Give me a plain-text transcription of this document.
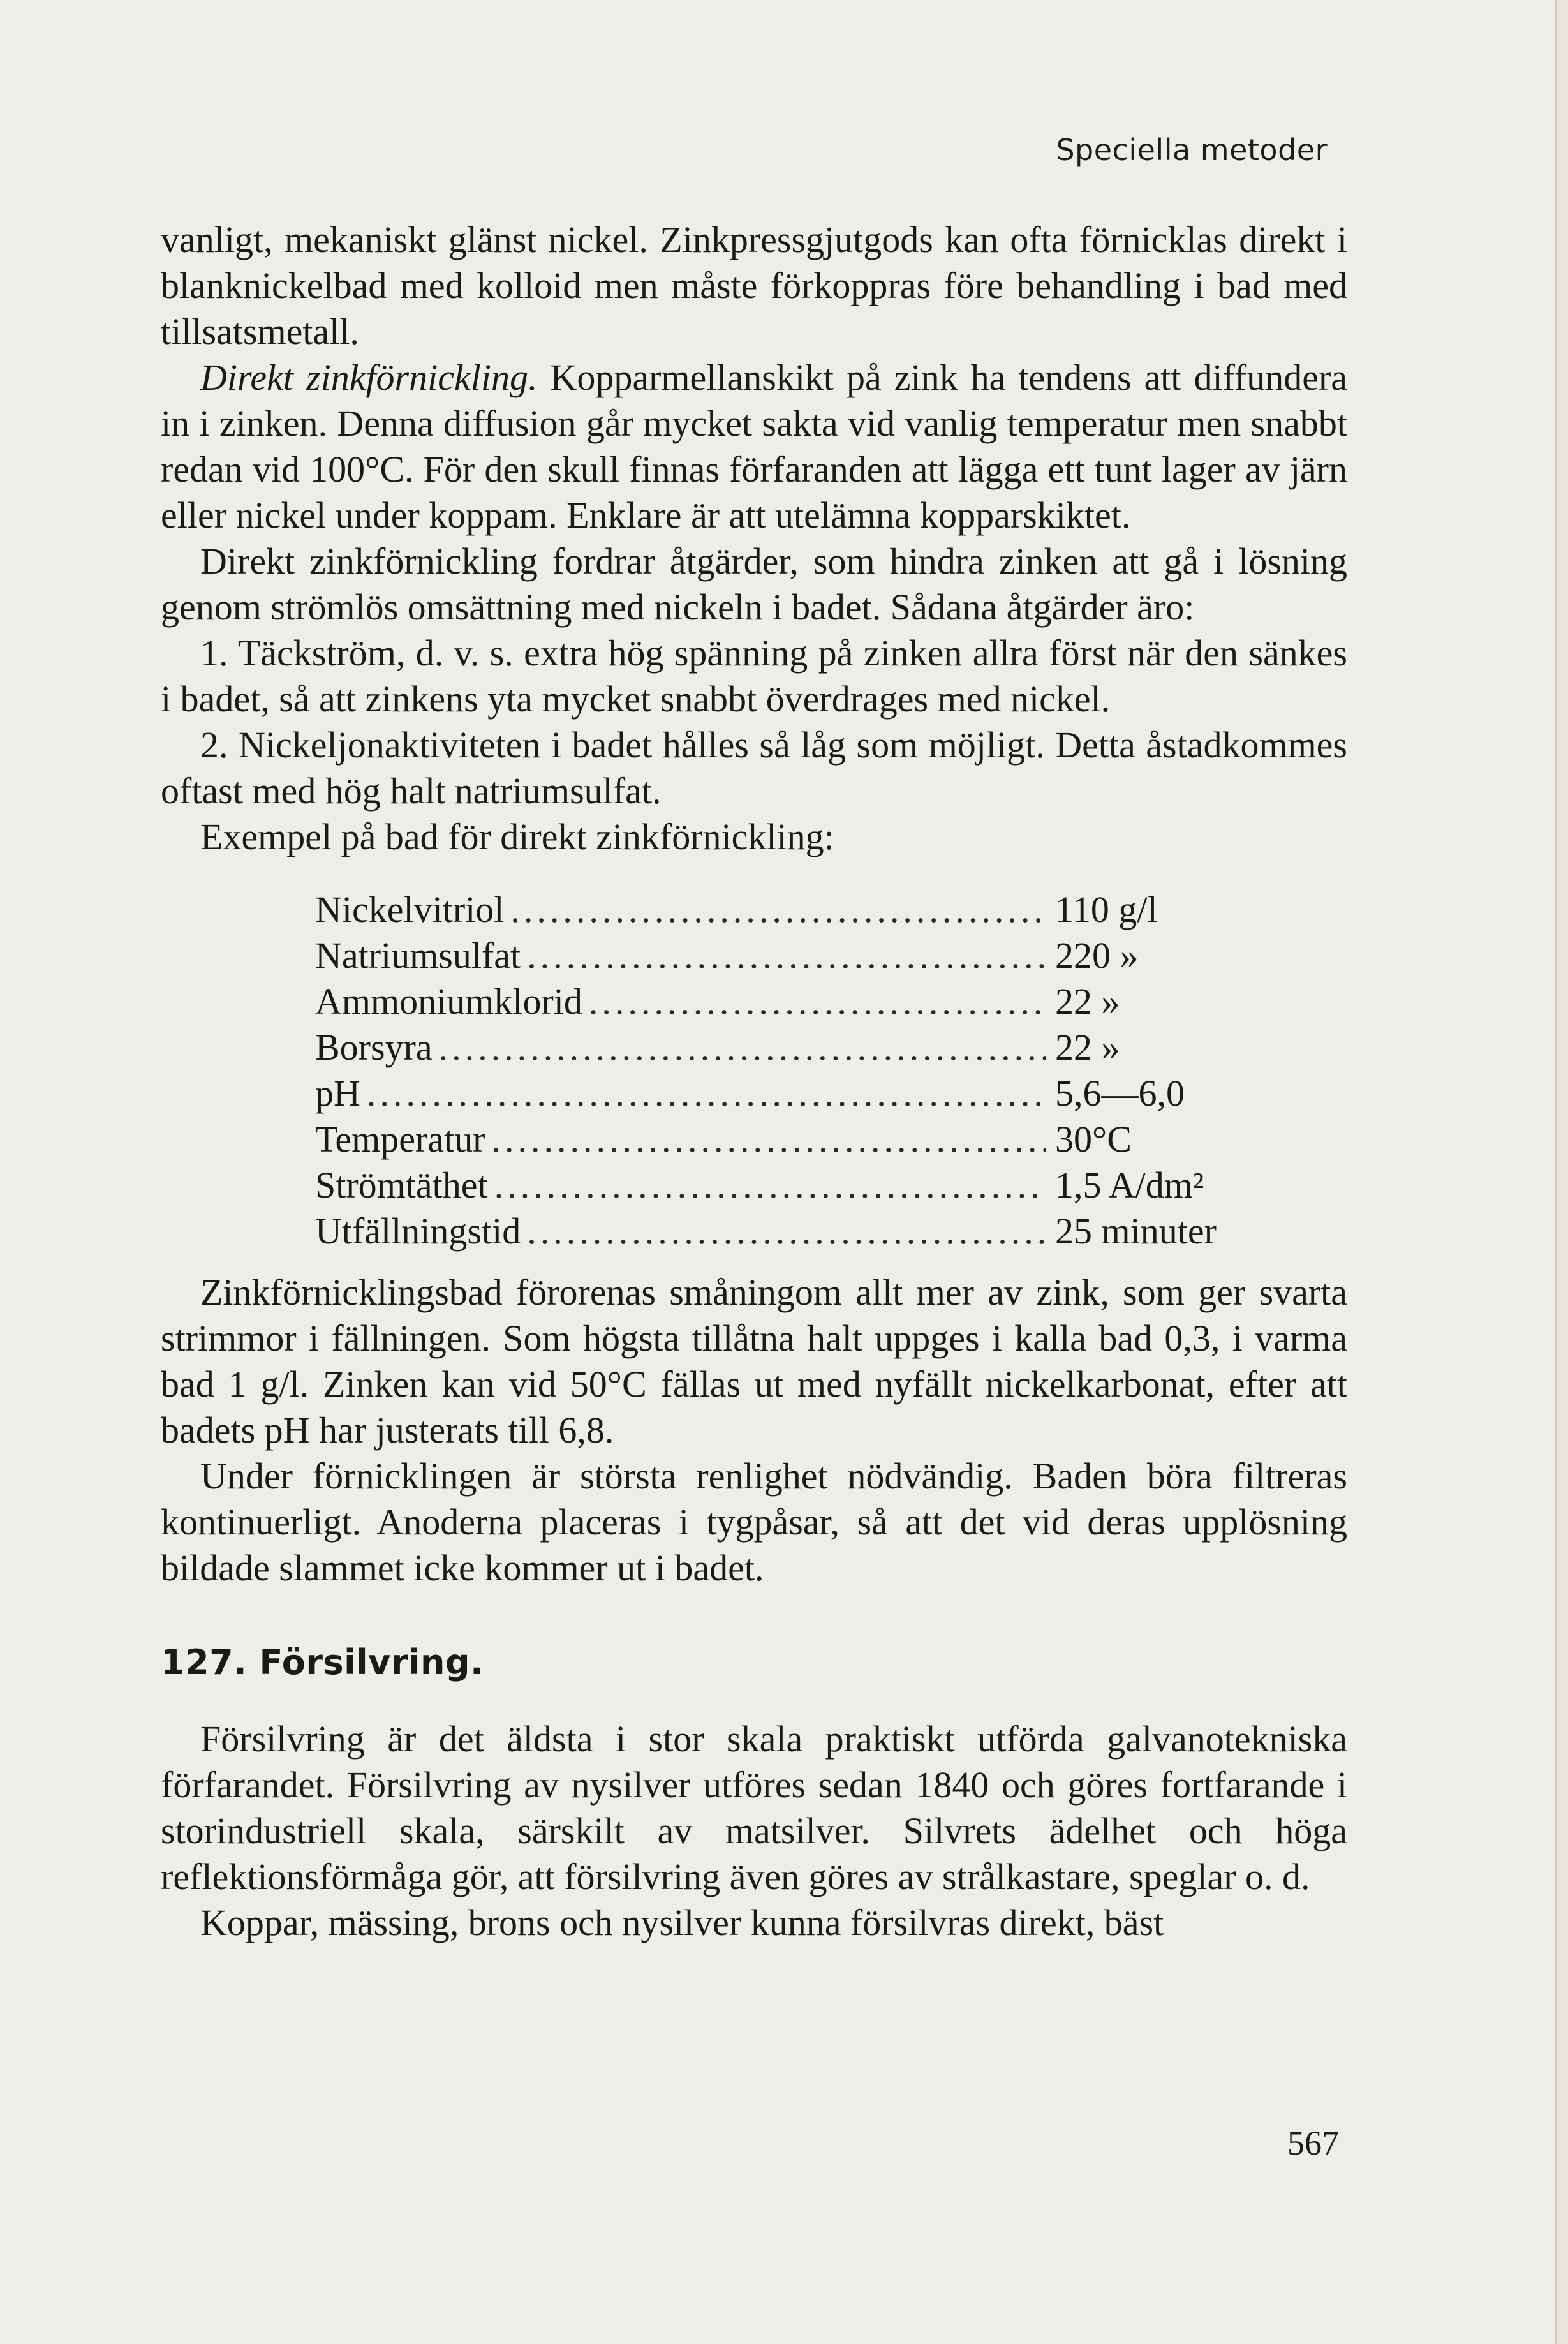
Speciella metoder

vanligt, mekaniskt glänst nickel. Zinkpressgjutgods kan ofta förnicklas direkt i blanknickelbad med kolloid men måste förkoppras före behandling i bad med tillsatsmetall.

Direkt zinkförnickling. Kopparmellanskikt på zink ha tendens att diffundera in i zinken. Denna diffusion går mycket sakta vid vanlig temperatur men snabbt redan vid 100°C. För den skull finnas förfaranden att lägga ett tunt lager av järn eller nickel under koppam. Enklare är att utelämna kopparskiktet.

Direkt zinkförnickling fordrar åtgärder, som hindra zinken att gå i lösning genom strömlös omsättning med nickeln i badet. Sådana åtgärder äro:

1. Täckström, d. v. s. extra hög spänning på zinken allra först när den sänkes i badet, så att zinkens yta mycket snabbt överdrages med nickel.

2. Nickeljonaktiviteten i badet hålles så låg som möjligt. Detta åstadkommes oftast med hög halt natriumsulfat.

Exempel på bad för direkt zinkförnickling:

Nickelvitriol .....	110 g/l
Natriumsulfat .....	220 »
Ammoniumklorid .....	22 »
Borsyra .....	22 »
pH .....	5,6—6,0
Temperatur .....	30°C
Strömtäthet .....	1,5 A/dm²
Utfällningstid .....	25 minuter

Zinkförnicklingsbad förorenas småningom allt mer av zink, som ger svarta strimmor i fällningen. Som högsta tillåtna halt uppges i kalla bad 0,3, i varma bad 1 g/l. Zinken kan vid 50°C fällas ut med nyfällt nickelkarbonat, efter att badets pH har justerats till 6,8.

Under förnicklingen är största renlighet nödvändig. Baden böra filtreras kontinuerligt. Anoderna placeras i tygpåsar, så att det vid deras upplösning bildade slammet icke kommer ut i badet.

127. Försilvring.

Försilvring är det äldsta i stor skala praktiskt utförda galvanotekniska förfarandet. Försilvring av nysilver utföres sedan 1840 och göres fortfarande i storindustriell skala, särskilt av matsilver. Silvrets ädelhet och höga reflektionsförmåga gör, att försilvring även göres av strålkastare, speglar o. d.

Koppar, mässing, brons och nysilver kunna försilvras direkt, bäst

567
